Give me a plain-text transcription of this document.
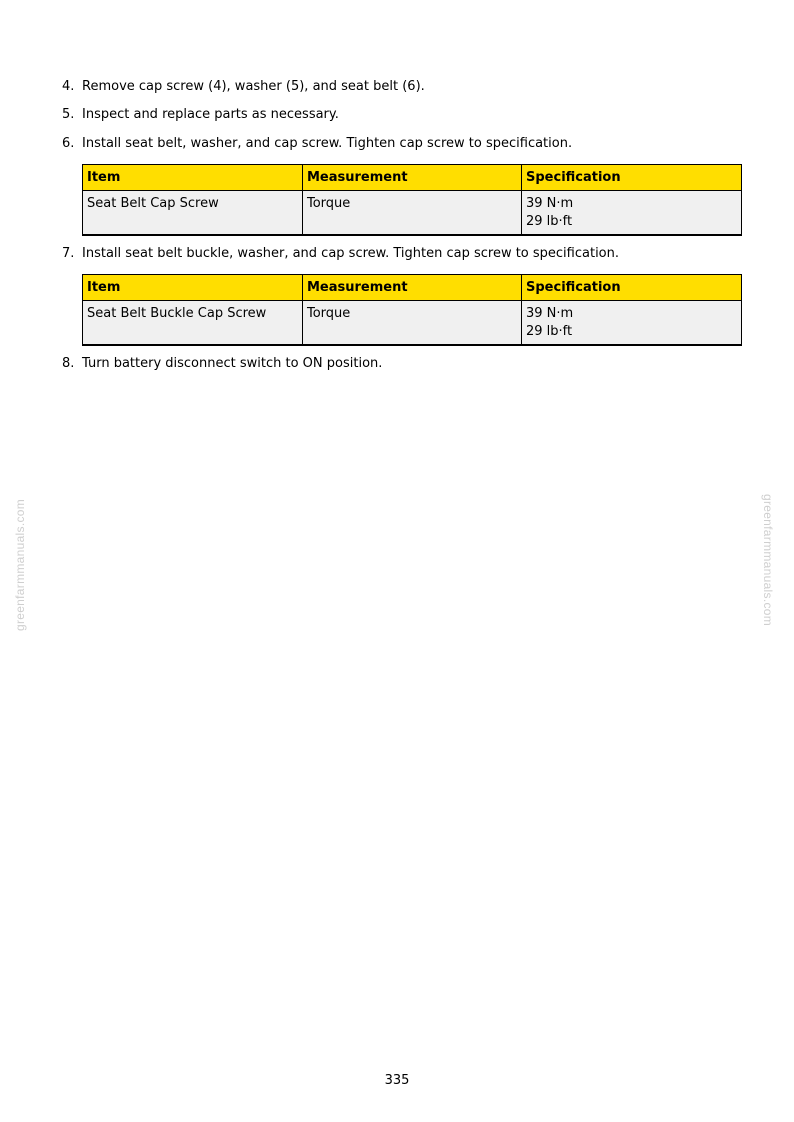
4. Remove cap screw (4), washer (5), and seat belt (6).
5. Inspect and replace parts as necessary.
6. Install seat belt, washer, and cap screw. Tighten cap screw to specification.
Item	Measurement	Specification
Seat Belt Cap Screw	Torque	39 N·m
29 lb·ft
7. Install seat belt buckle, washer, and cap screw. Tighten cap screw to specification.
Item	Measurement	Specification
Seat Belt Buckle Cap Screw	Torque	39 N·m
29 lb·ft
8. Turn battery disconnect switch to ON position.
greenfarmmanuals.com	greenfarmmanuals.com
335
